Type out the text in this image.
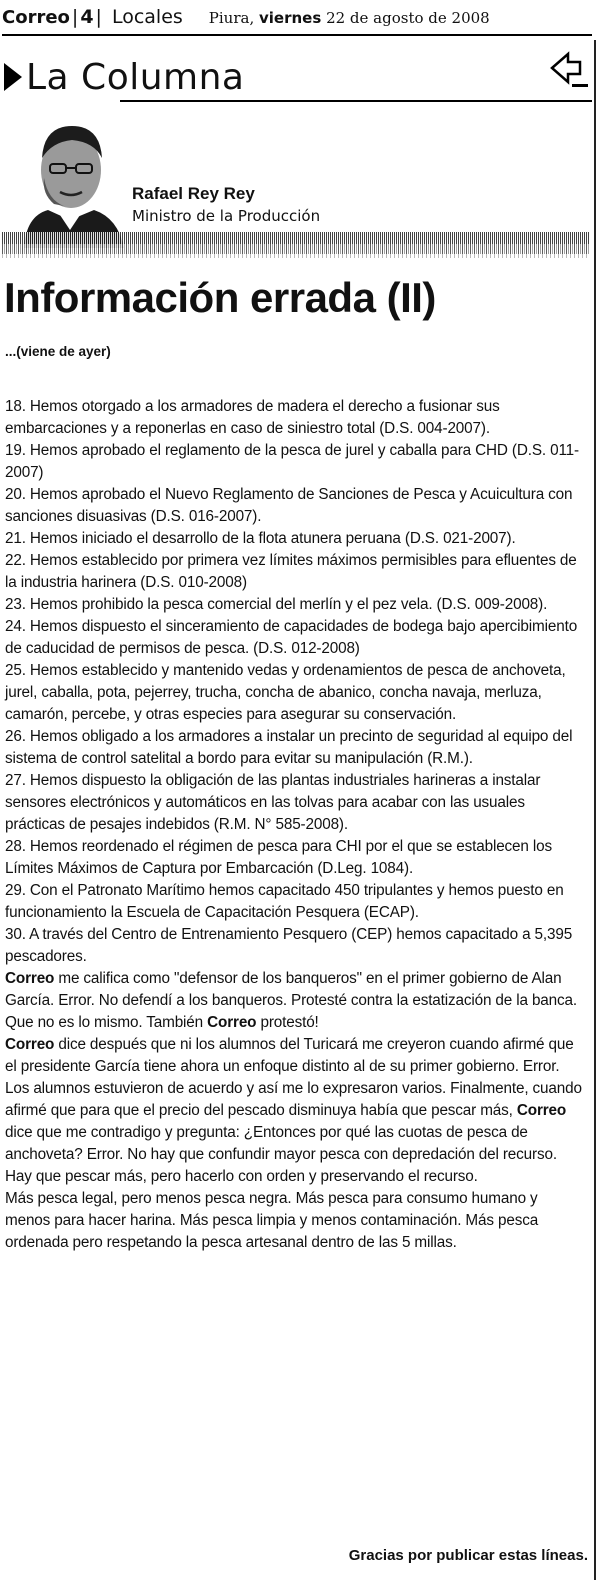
Correo | 4 | Locales Piura, viernes 22 de agosto de 2008
La Columna
Rafael Rey Rey
Ministro de la Producción
Información errada (II)
...(viene de ayer)

18. Hemos otorgado a los armadores de madera el derecho a fusionar sus embarcaciones y a reponerlas en caso de siniestro total (D.S. 004-2007).

19. Hemos aprobado el reglamento de la pesca de jurel y caballa para CHD (D.S. 011-2007)

20. Hemos aprobado el Nuevo Reglamento de Sanciones de Pesca y Acuicultura con sanciones disuasivas (D.S. 016-2007).

21. Hemos iniciado el desarrollo de la flota atunera peruana (D.S. 021-2007).

22. Hemos establecido por primera vez límites máximos permisibles para efluentes de la industria harinera (D.S. 010-2008)

23. Hemos prohibido la pesca comercial del merlín y el pez vela. (D.S. 009-2008).

24. Hemos dispuesto el sinceramiento de capacidades de bodega bajo apercibimiento de caducidad de permisos de pesca. (D.S. 012-2008)

25. Hemos establecido y mantenido vedas y ordenamientos de pesca de anchoveta, jurel, caballa, pota, pejerrey, trucha, concha de abanico, concha navaja, merluza, camarón, percebe, y otras especies para asegurar su conservación.

26. Hemos obligado a los armadores a instalar un precinto de seguridad al equipo del sistema de control satelital a bordo para evitar su manipulación (R.M.).

27. Hemos dispuesto la obligación de las plantas industriales harineras a instalar sensores electrónicos y automáticos en las tolvas para acabar con las usuales prácticas de pesajes indebidos (R.M. N° 585-2008).

28. Hemos reordenado el régimen de pesca para CHI por el que se establecen los Límites Máximos de Captura por Embarcación (D.Leg. 1084).

29. Con el Patronato Marítimo hemos capacitado 450 tripulantes y hemos puesto en funcionamiento la Escuela de Capacitación Pesquera (ECAP).

30. A través del Centro de Entrenamiento Pesquero (CEP) hemos capacitado a 5,395 pescadores.

Correo me califica como "defensor de los banqueros" en el primer gobierno de Alan García. Error. No defendí a los banqueros. Protesté contra la estatización de la banca. Que no es lo mismo. También Correo protestó!

Correo dice después que ni los alumnos del Turicará me creyeron cuando afirmé que el presidente García tiene ahora un enfoque distinto al de su primer gobierno. Error. Los alumnos estuvieron de acuerdo y así me lo expresaron varios. Finalmente, cuando afirmé que para que el precio del pescado disminuya había que pescar más, Correo dice que me contradigo y pregunta: ¿Entonces por qué las cuotas de pesca de anchoveta? Error. No hay que confundir mayor pesca con depredación del recurso. Hay que pescar más, pero hacerlo con orden y preservando el recurso.

Más pesca legal, pero menos pesca negra. Más pesca para consumo humano y menos para hacer harina. Más pesca limpia y menos contaminación. Más pesca ordenada pero respetando la pesca artesanal dentro de las 5 millas.

Gracias por publicar estas líneas.
